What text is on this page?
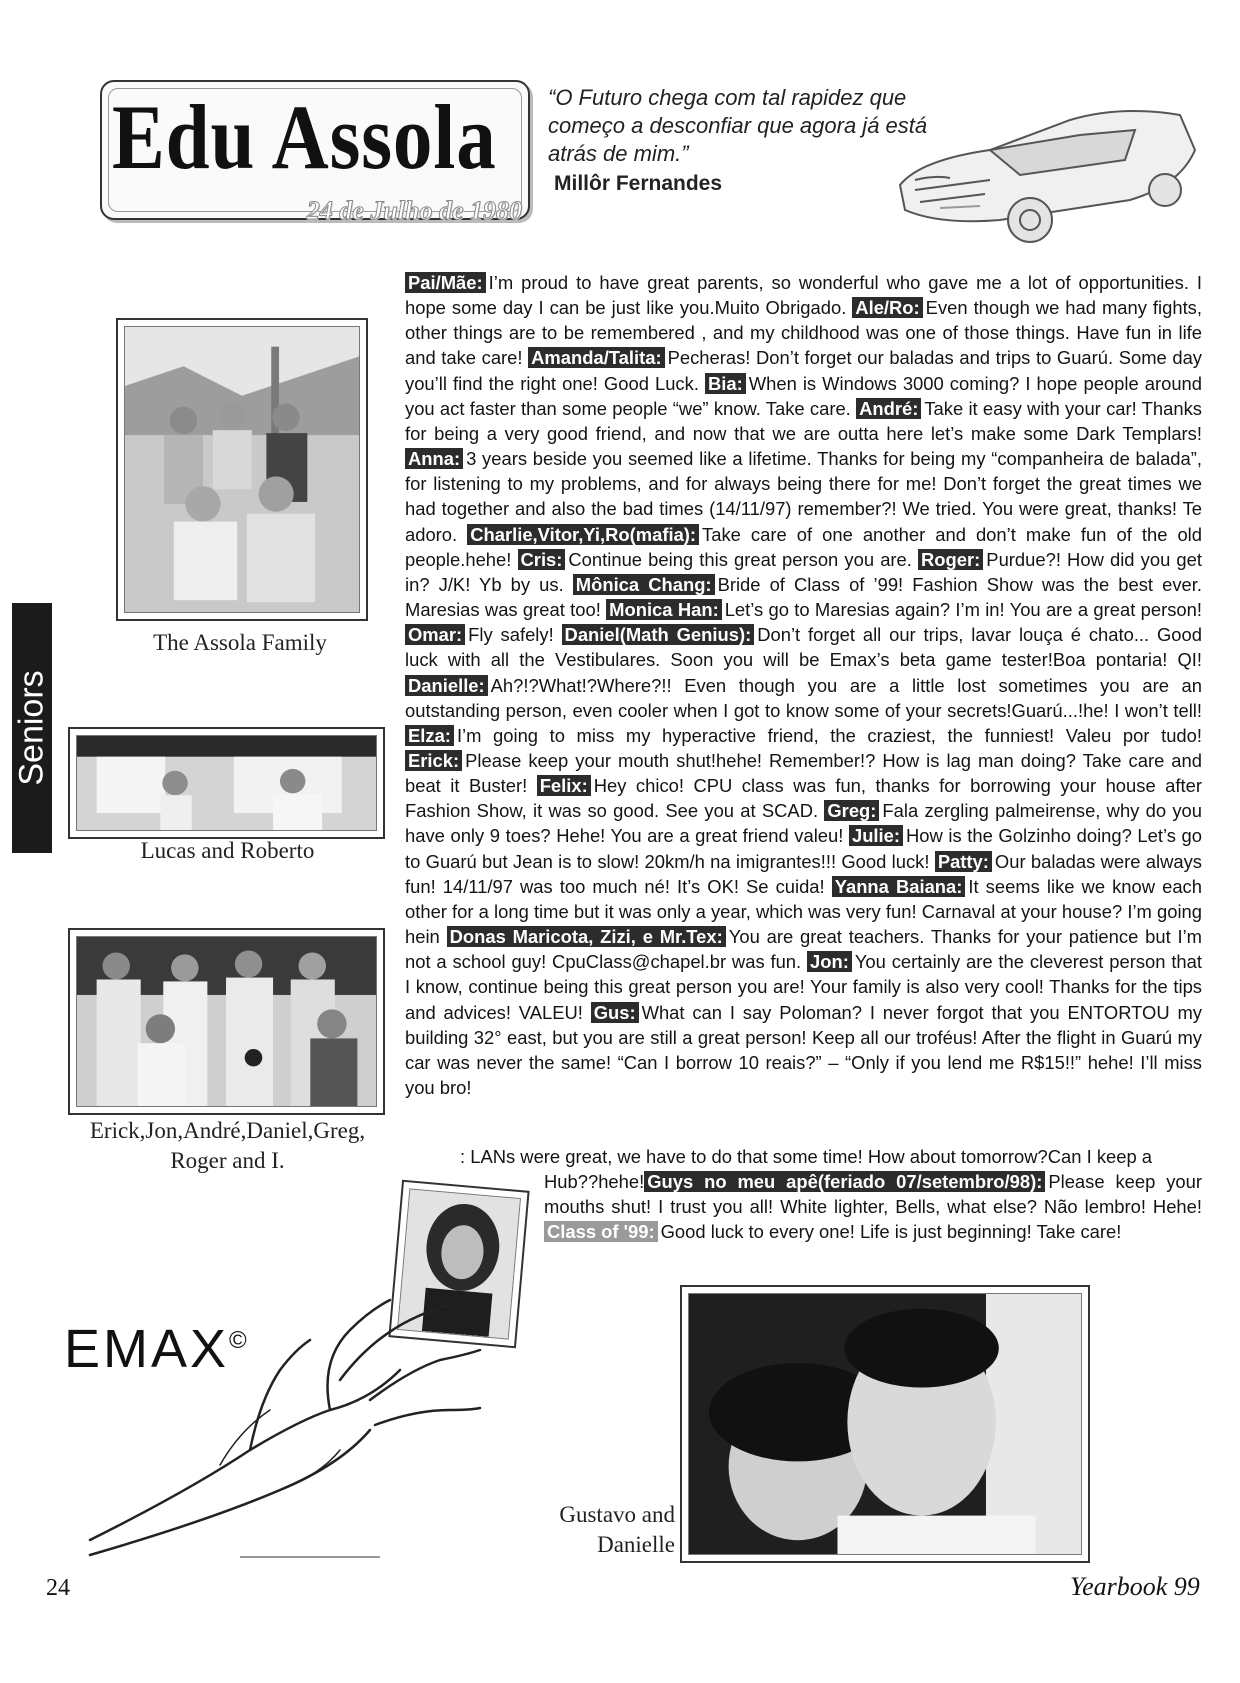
Edu Assola
24 de Julho de 1980
“O Futuro chega com tal rapidez que começo a desconfiar que agora já está atrás de mim.”
Millôr Fernandes
Seniors
The Assola Family
Lucas and Roberto
Erick,Jon,André,Daniel,Greg,
Roger and I.
Pai/Mãe: I’m proud to have great parents, so wonderful who gave me a lot of opportunities. I hope some day I can be just like you.Muito Obrigado. Ale/Ro: Even though we had many fights, other things are to be remembered , and my childhood was one of those things. Have fun in life and take care! Amanda/Talita: Pecheras! Don’t forget our baladas and trips to Guarú. Some day you’ll find the right one! Good Luck. Bia: When is Windows 3000 coming? I hope people around you act faster than some people “we” know. Take care. André: Take it easy with your car! Thanks for being a very good friend, and now that we are outta here let’s make some Dark Templars! Anna: 3 years beside you seemed like a lifetime. Thanks for being my “companheira de balada”, for listening to my problems, and for always being there for me! Don’t forget the great times we had together and also the bad times (14/11/97) remember?! We tried. You were great, thanks! Te adoro. Charlie,Vitor,Yi,Ro(mafia): Take care of one another and don’t make fun of the old people.hehe! Cris: Continue being this great person you are. Roger: Purdue?! How did you get in? J/K! Yb by us. Mônica Chang: Bride of Class of ’99! Fashion Show was the best ever. Maresias was great too! Monica Han: Let’s go to Maresias again? I’m in! You are a great person! Omar: Fly safely! Daniel(Math Genius): Don’t forget all our trips, lavar louça é chato... Good luck with all the Vestibulares. Soon you will be Emax’s beta game tester!Boa pontaria! QI! Danielle: Ah?!?What!?Where?!! Even though you are a little lost sometimes you are an outstanding person, even cooler when I got to know some of your secrets!Guarú...!he! I won’t tell! Elza: I’m going to miss my hyperactive friend, the craziest, the funniest! Valeu por tudo! Erick: Please keep your mouth shut!hehe! Remember!? How is lag man doing? Take care and beat it Buster! Felix: Hey chico! CPU class was fun, thanks for borrowing your house after Fashion Show, it was so good. See you at SCAD. Greg: Fala zergling palmeirense, why do you have only 9 toes? Hehe! You are a great friend valeu! Julie: How is the Golzinho doing? Let’s go to Guarú but Jean is to slow! 20km/h na imigrantes!!! Good luck! Patty: Our baladas were always fun! 14/11/97 was too much né! It’s OK! Se cuida! Yanna Baiana: It seems like we know each other for a long time but it was only a year, which was very fun! Carnaval at your house? I’m going hein Donas Maricota, Zizi, e Mr.Tex: You are great teachers. Thanks for your patience but I’m not a school guy! CpuClass@chapel.br was fun. Jon: You certainly are the cleverest person that I know, continue being this great person you are! Your family is also very cool! Thanks for the tips and advices! VALEU! Gus: What can I say Poloman? I never forgot that you ENTORTOU my building 32° east, but you are still a great person! Keep all our troféus! After the flight in Guarú my car was never the same! “Can I borrow 10 reais?” – “Only if you lend me R$15!!” hehe! I’ll miss you bro!

: LANs were great, we have to do that some time! How about tomorrow?Can I keep a

Hub??hehe! Guys no meu apê(feriado 07/setembro/98): Please keep your mouths shut! I trust you all! White lighter, Bells, what else? Não lembro! Hehe! Class of '99: Good luck to every one! Life is just beginning! Take care!

EMAX©
Gustavo and
Danielle
24	Yearbook 99
